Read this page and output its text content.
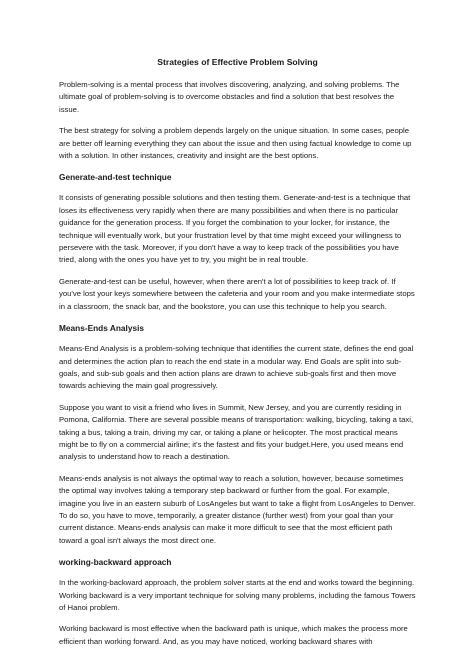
Strategies of Effective Problem Solving

Problem-solving is a mental process that involves discovering, analyzing, and solving problems. The ultimate goal of problem-solving is to overcome obstacles and find a solution that best resolves the issue.

The best strategy for solving a problem depends largely on the unique situation. In some cases, people are better off learning everything they can about the issue and then using factual knowledge to come up with a solution. In other instances, creativity and insight are the best options.

Generate-and-test technique

It consists of generating possible solutions and then testing them. Generate-and-test is a technique that loses its effectiveness very rapidly when there are many possibilities and when there is no particular guidance for the generation process. If you forget the combination to your locker, for instance, the technique will eventually work, but your frustration level by that time might exceed your willingness to persevere with the task. Moreover, if you don't have a way to keep track of the possibilities you have tried, along with the ones you have yet to try, you might be in real trouble.

Generate-and-test can be useful, however, when there aren't a lot of possibilities to keep track of. If you've lost your keys somewhere between the cafeteria and your room and you make intermediate stops in a classroom, the snack bar, and the bookstore, you can use this technique to help you search.

Means-Ends Analysis

Means-End Analysis is a problem-solving technique that identifies the current state, defines the end goal and determines the action plan to reach the end state in a modular way. End Goals are split into sub-goals, and sub-sub goals and then action plans are drawn to achieve sub-goals first and then move towards achieving the main goal progressively.

Suppose you want to visit a friend who lives in Summit, New Jersey, and you are currently residing in Pomona, California. There are several possible means of transportation: walking, bicycling, taking a taxi, taking a bus, taking a train, driving my car, or taking a plane or helicopter. The most practical means might be to fly on a commercial airline; it's the fastest and fits your budget.Here, you used means end analysis to understand how to reach a destination.

Means-ends analysis is not always the optimal way to reach a solution, however, because sometimes the optimal way involves taking a temporary step backward or further from the goal. For example, imagine you live in an eastern suburb of LosAngeles but want to take a flight from LosAngeles to Denver. To do so, you have to move, temporarily, a greater distance (further west) from your goal than your current distance. Means-ends analysis can make it more difficult to see that the most efficient path toward a goal isn't always the most direct one.

working-backward approach

In the working-backward approach, the problem solver starts at the end and works toward the beginning. Working backward is a very important technique for solving many problems, including the famous Towers of Hanoi problem.

Working backward is most effective when the backward path is unique, which makes the process more efficient than working forward. And, as you may have noticed, working backward shares with
